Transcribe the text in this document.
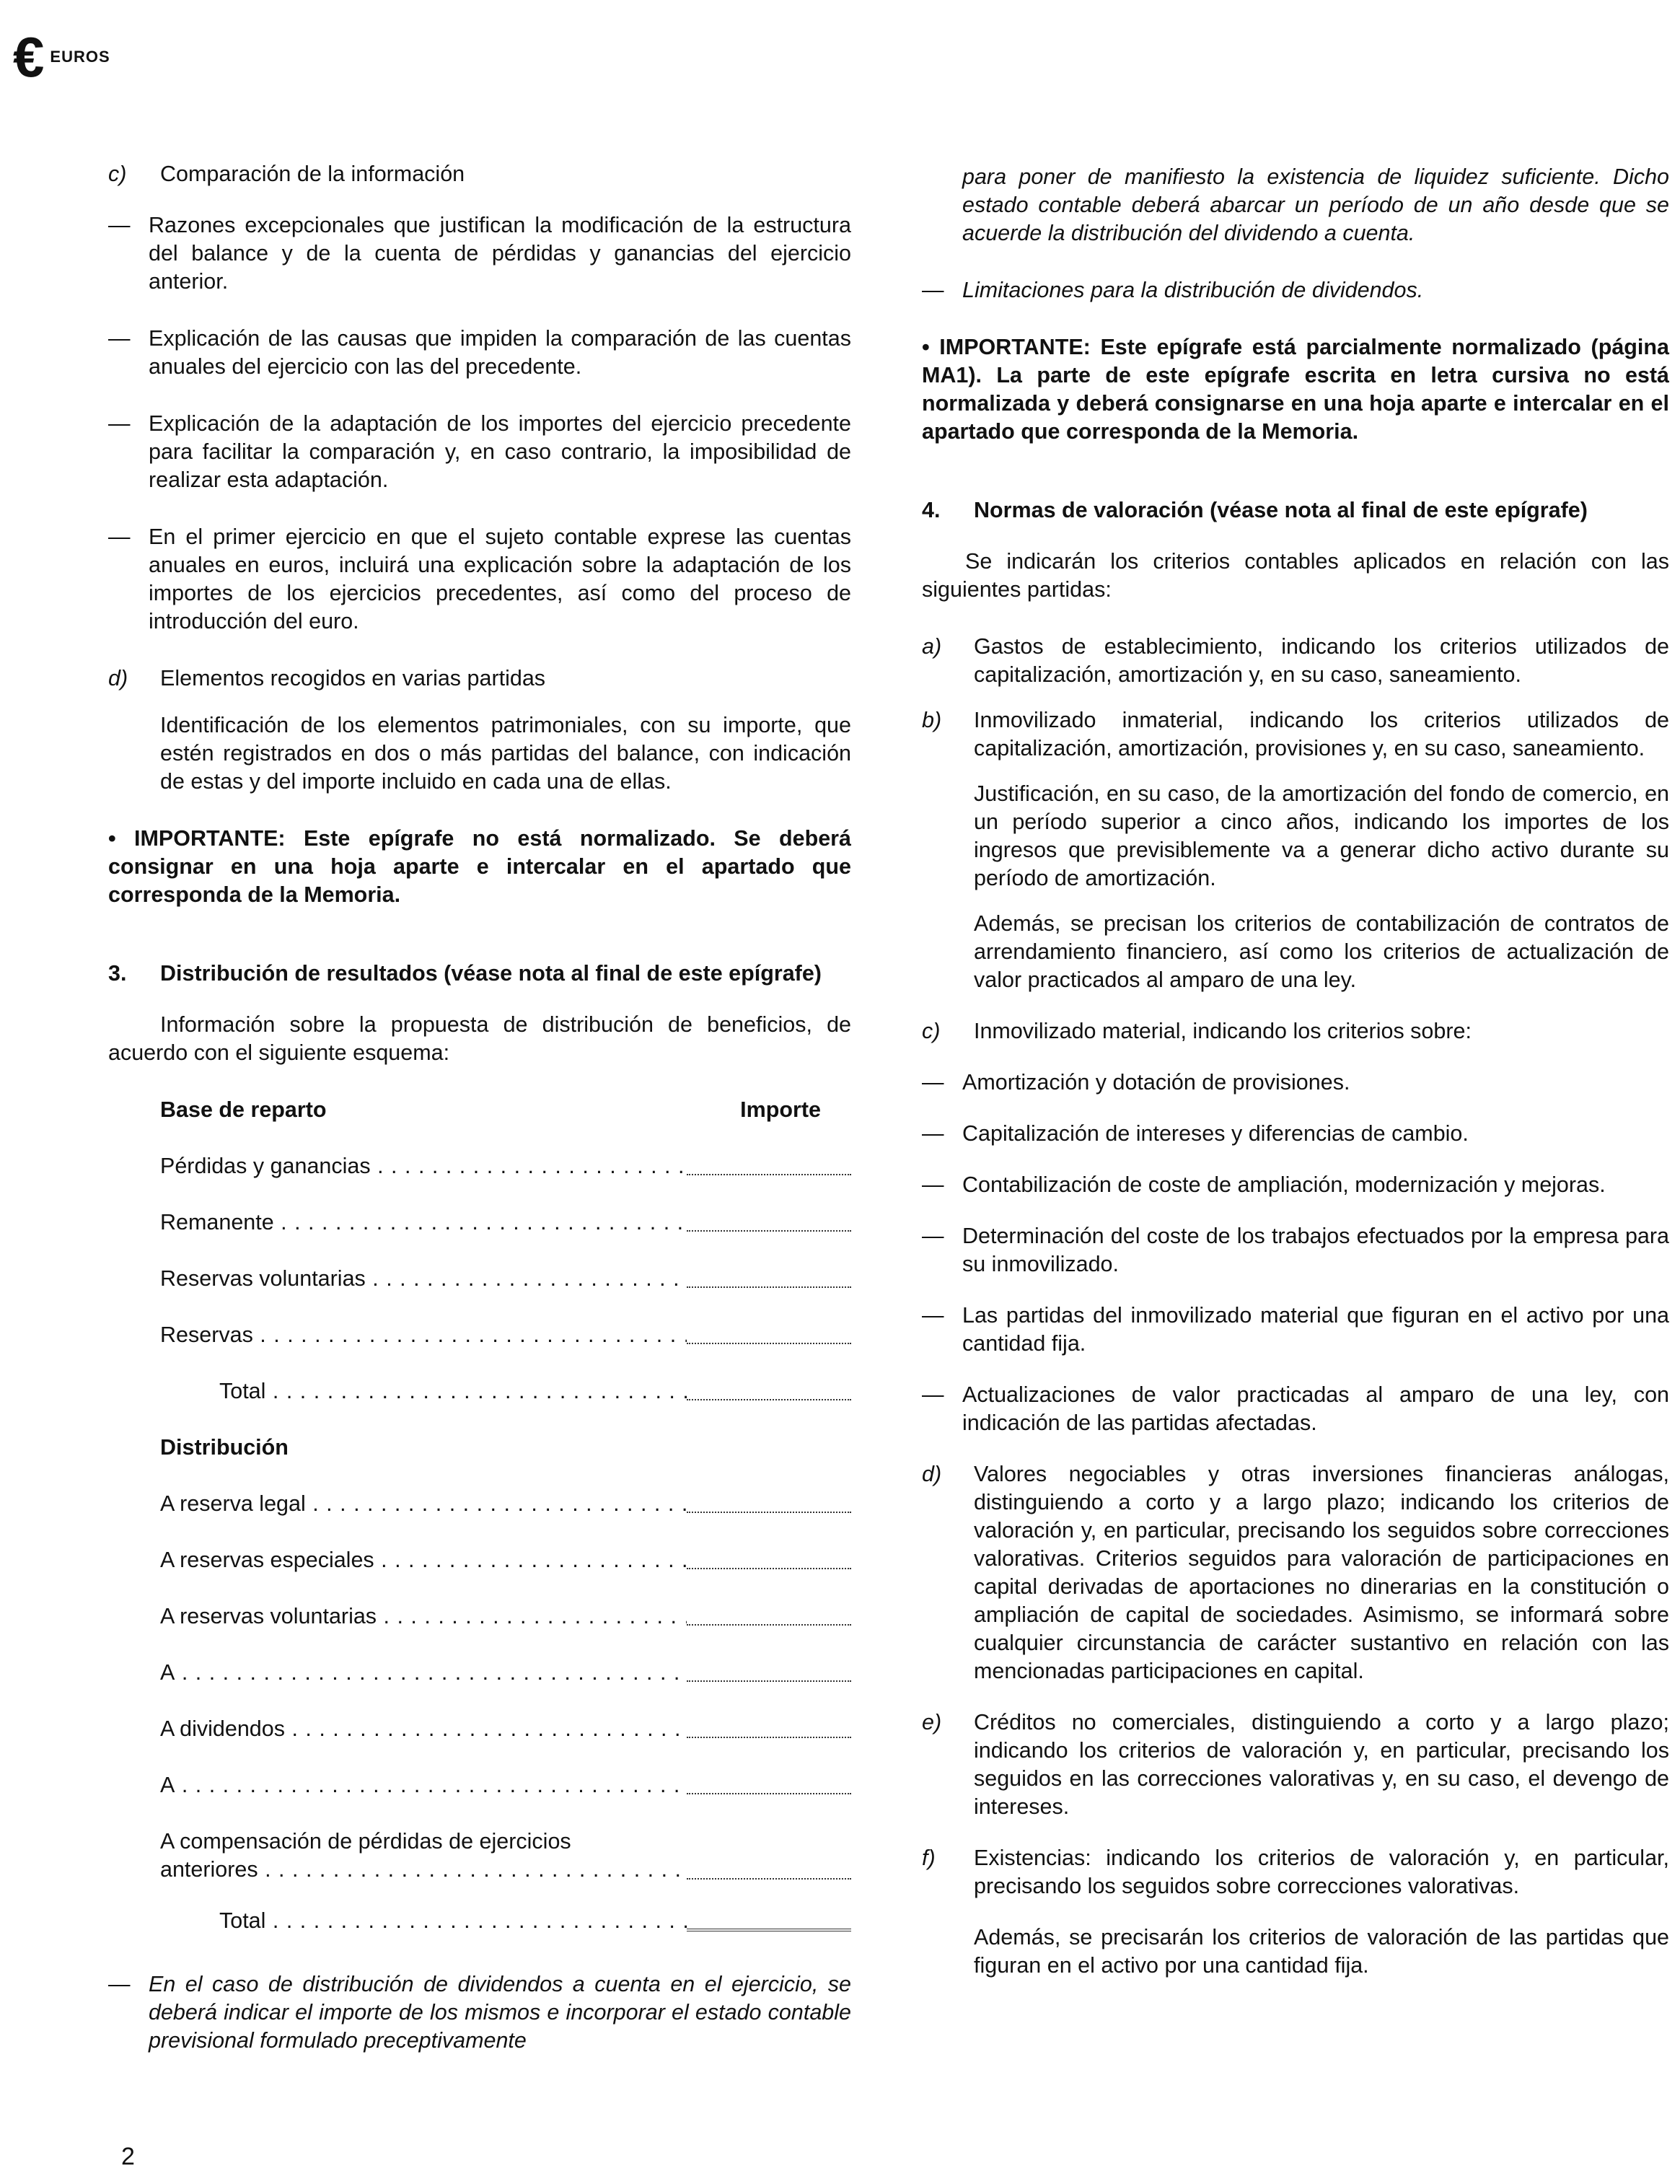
€ EUROS
c)	Comparación de la información
— Razones excepcionales que justifican la modificación de la estructura del balance y de la cuenta de pérdidas y ganancias del ejercicio anterior.
— Explicación de las causas que impiden la comparación de las cuentas anuales del ejercicio con las del precedente.
— Explicación de la adaptación de los importes del ejercicio precedente para facilitar la comparación y, en caso contrario, la imposibilidad de realizar esta adaptación.
— En el primer ejercicio en que el sujeto contable exprese las cuentas anuales en euros, incluirá una explicación sobre la adaptación de los importes de los ejercicios precedentes, así como del proceso de introducción del euro.
d)	Elementos recogidos en varias partidas

Identificación de los elementos patrimoniales, con su importe, que estén registrados en dos o más partidas del balance, con indicación de estas y del importe incluido en cada una de ellas.

• IMPORTANTE: Este epígrafe no está normalizado. Se deberá consignar en una hoja aparte e intercalar en el apartado que corresponda de la Memoria.

3.	Distribución de resultados (véase nota al final de este epígrafe)

Información sobre la propuesta de distribución de beneficios, de acuerdo con el siguiente esquema:

Base de reparto	Importe
Pérdidas y ganancias . . .
Remanente . . .
Reservas voluntarias . . .
Reservas . . .
Total . . .
Distribución
A reserva legal . . .
A reservas especiales . . .
A reservas voluntarias . . .
A . . .
A dividendos . . .
A . . .
A compensación de pérdidas de ejercicios
anteriores . . .
Total . . .
— En el caso de distribución de dividendos a cuenta en el ejercicio, se deberá indicar el importe de los mismos e incorporar el estado contable previsional formulado preceptivamente

para poner de manifiesto la existencia de liquidez suficiente. Dicho estado contable deberá abarcar un período de un año desde que se acuerde la distribución del dividendo a cuenta.

— Limitaciones para la distribución de dividendos.

• IMPORTANTE: Este epígrafe está parcialmente normalizado (página MA1). La parte de este epígrafe escrita en letra cursiva no está normalizada y deberá consignarse en una hoja aparte e intercalar en el apartado que corresponda de la Memoria.

4.	Normas de valoración (véase nota al final de este epígrafe)

Se indicarán los criterios contables aplicados en relación con las siguientes partidas:

a)	Gastos de establecimiento, indicando los criterios utilizados de capitalización, amortización y, en su caso, saneamiento.
b)	Inmovilizado inmaterial, indicando los criterios utilizados de capitalización, amortización, provisiones y, en su caso, saneamiento.

Justificación, en su caso, de la amortización del fondo de comercio, en un período superior a cinco años, indicando los importes de los ingresos que previsiblemente va a generar dicho activo durante su período de amortización.

Además, se precisan los criterios de contabilización de contratos de arrendamiento financiero, así como los criterios de actualización de valor practicados al amparo de una ley.

c)	Inmovilizado material, indicando los criterios sobre:
— Amortización y dotación de provisiones.
— Capitalización de intereses y diferencias de cambio.
— Contabilización de coste de ampliación, modernización y mejoras.
— Determinación del coste de los trabajos efectuados por la empresa para su inmovilizado.
— Las partidas del inmovilizado material que figuran en el activo por una cantidad fija.
— Actualizaciones de valor practicadas al amparo de una ley, con indicación de las partidas afectadas.
d)	Valores negociables y otras inversiones financieras análogas, distinguiendo a corto y a largo plazo; indicando los criterios de valoración y, en particular, precisando los seguidos sobre correcciones valorativas. Criterios seguidos para valoración de participaciones en capital derivadas de aportaciones no dinerarias en la constitución o ampliación de capital de sociedades. Asimismo, se informará sobre cualquier circunstancia de carácter sustantivo en relación con las mencionadas participaciones en capital.
e)	Créditos no comerciales, distinguiendo a corto y a largo plazo; indicando los criterios de valoración y, en particular, precisando los seguidos en las correcciones valorativas y, en su caso, el devengo de intereses.
f)	Existencias: indicando los criterios de valoración y, en particular, precisando los seguidos sobre correcciones valorativas.

Además, se precisarán los criterios de valoración de las partidas que figuran en el activo por una cantidad fija.

2
